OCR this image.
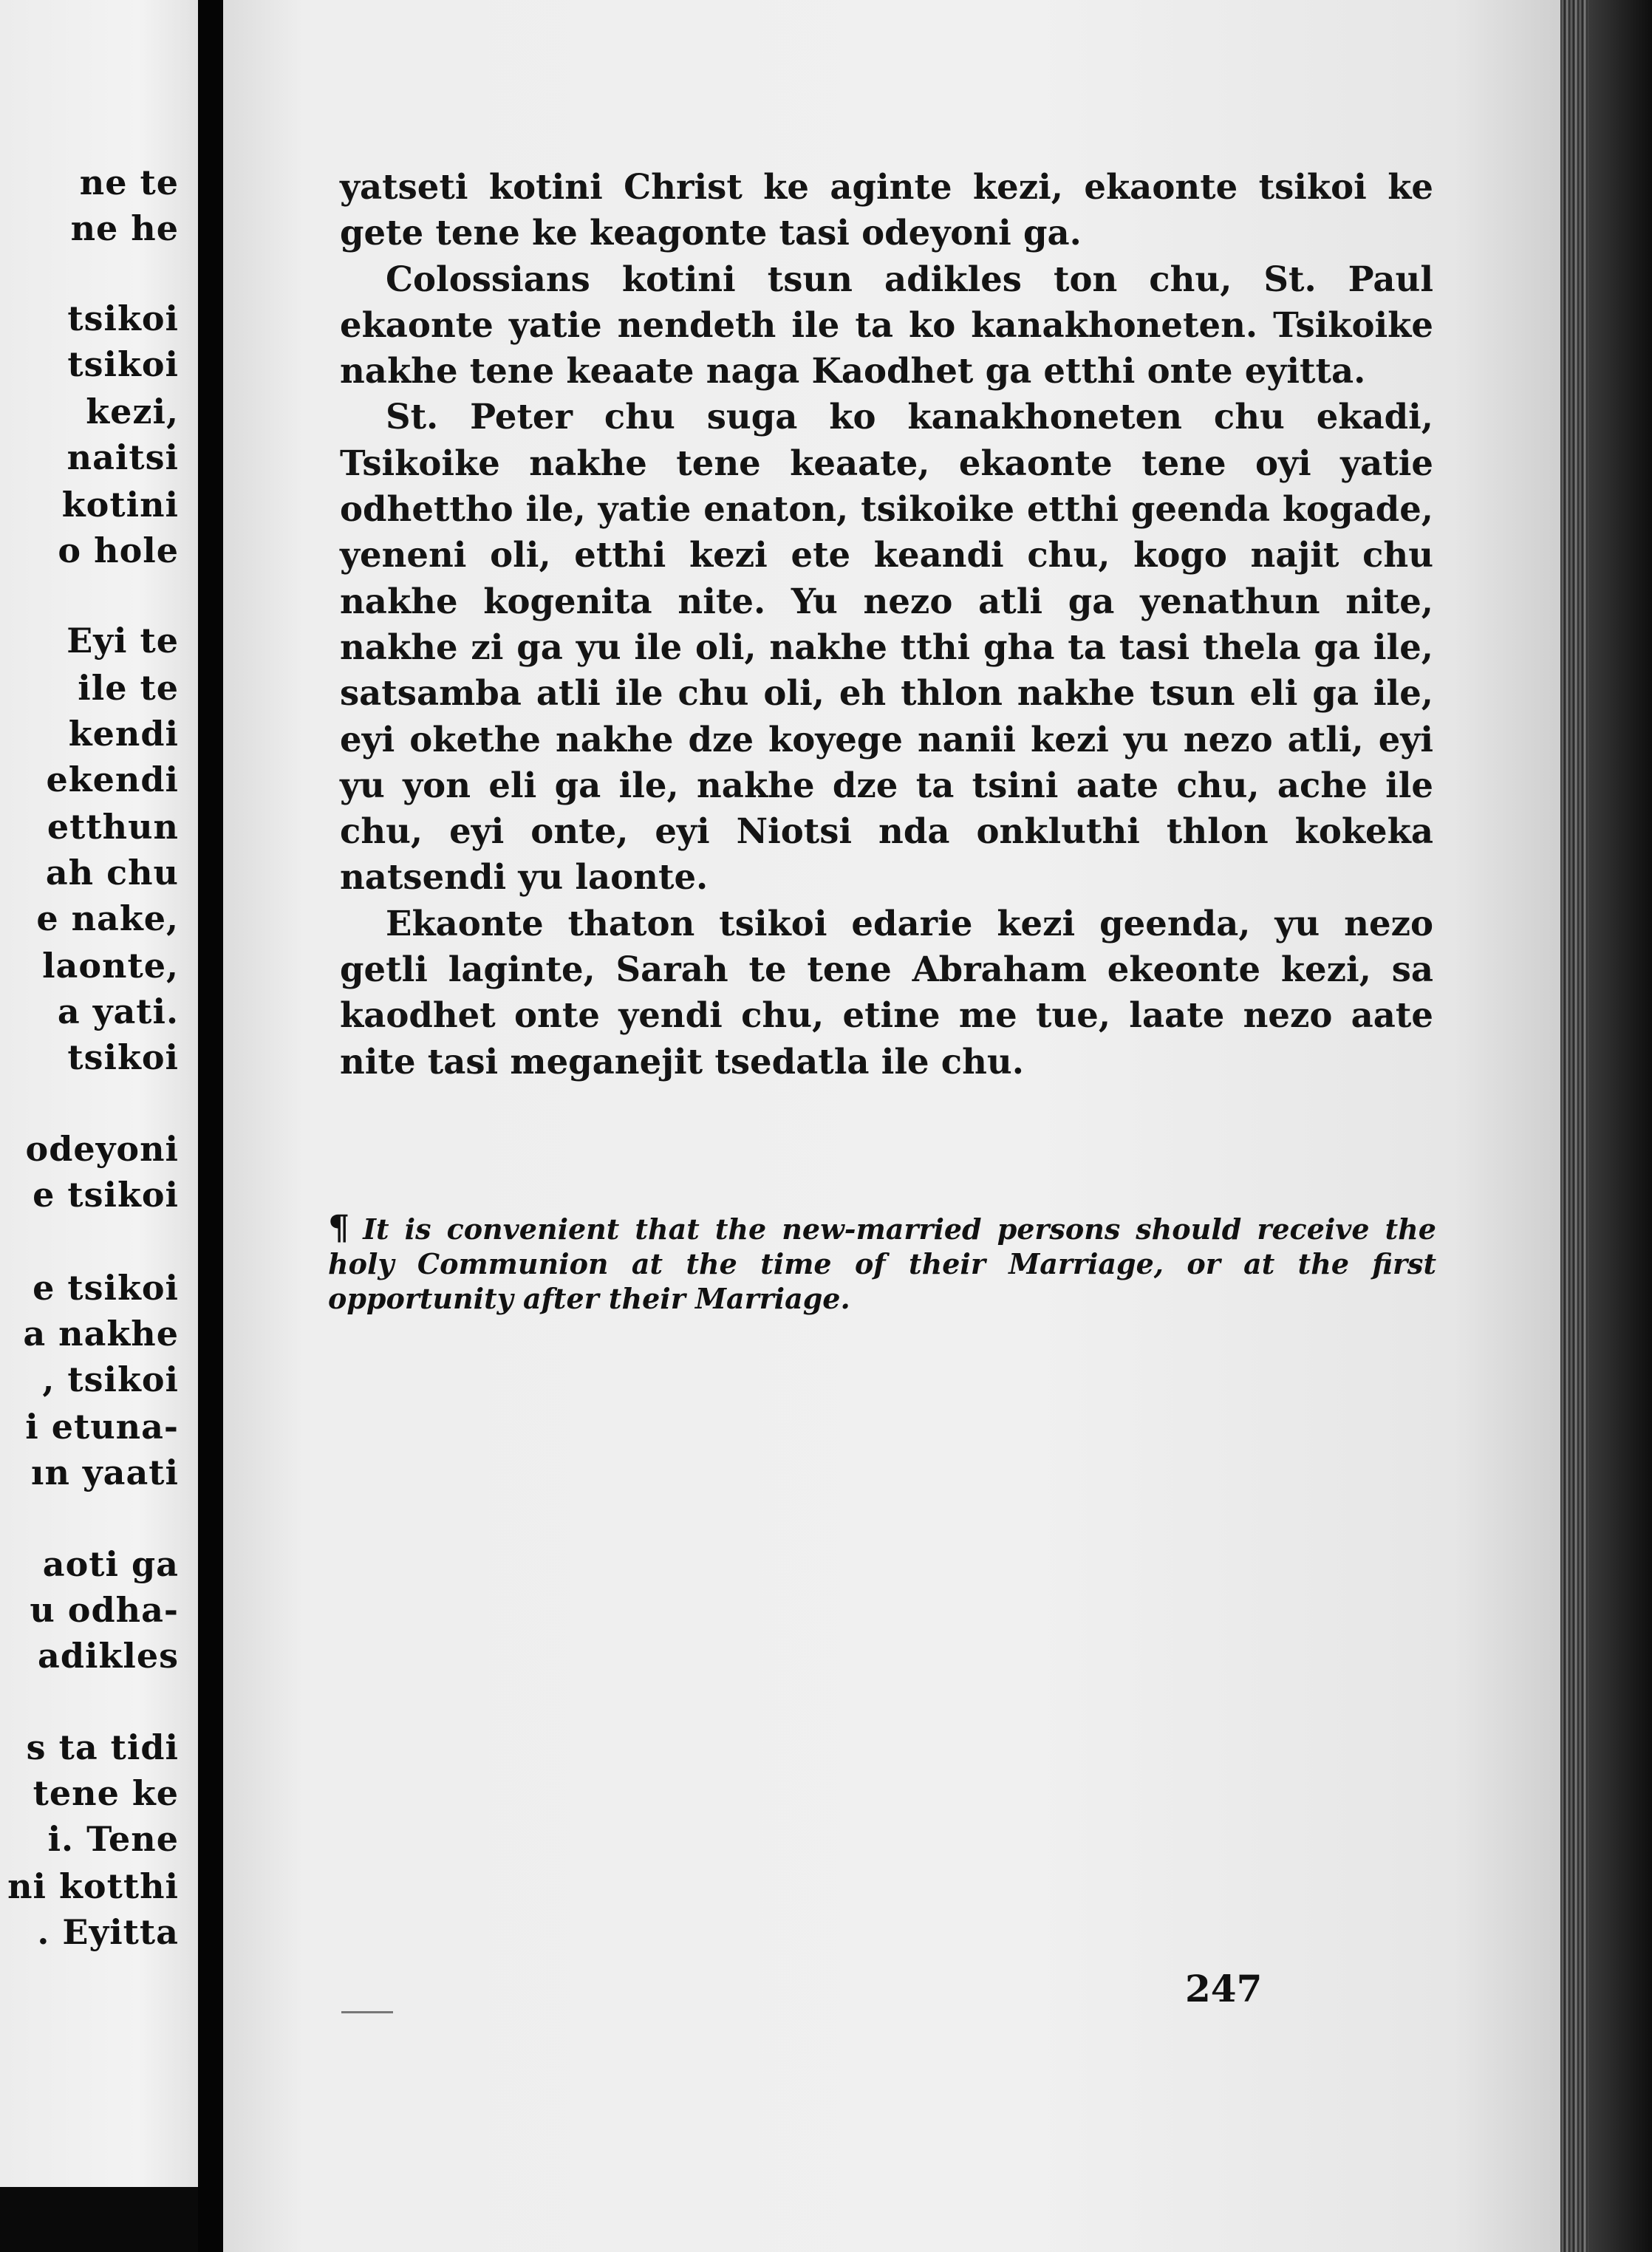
ne te
ne he
tsikoi
tsikoi
kezi,
naitsi
kotini
o hole
Eyi te
ile te
kendi
ekendi
etthun
ah chu
e nake,
laonte,
a yati.
tsikoi
odeyoni
e tsikoi
e tsikoi
a nakhe
, tsikoi
i etuna-
ın yaati
aoti ga
u odha-
adikles
s ta tidi
tene ke
i. Tene
ni kotthi
. Eyitta

yatseti kotini Christ ke aginte kezi, ekaonte tsikoi ke gete tene ke keagonte tasi odeyoni ga.

Colossians kotini tsun adikles ton chu, St. Paul ekaonte yatie nendeth ile ta ko kanakhoneten. Tsikoike nakhe tene keaate naga Kaodhet ga etthi onte eyitta.

St. Peter chu suga ko kanakhoneten chu ekadi, Tsikoike nakhe tene keaate, ekaonte tene oyi yatie odhettho ile, yatie enaton, tsikoike etthi geenda kogade, yeneni oli, etthi kezi ete keandi chu, kogo najit chu nakhe kogenita nite. Yu nezo atli ga yenathun nite, nakhe zi ga yu ile oli, nakhe tthi gha ta tasi thela ga ile, satsamba atli ile chu oli, eh thlon nakhe tsun eli ga ile, eyi okethe nakhe dze koyege nanii kezi yu nezo atli, eyi yu yon eli ga ile, nakhe dze ta tsini aate chu, ache ile chu, eyi onte, eyi Niotsi nda onkluthi thlon kokeka natsendi yu laonte.

Ekaonte thaton tsikoi edarie kezi geenda, yu nezo getli laginte, Sarah te tene Abraham ekeonte kezi, sa kaodhet onte yendi chu, etine me tue, laate nezo aate nite tasi meganejit tsedatla ile chu.

¶ It is convenient that the new-married persons should receive the holy Communion at the time of their Marriage, or at the first opportunity after their Marriage.
247
